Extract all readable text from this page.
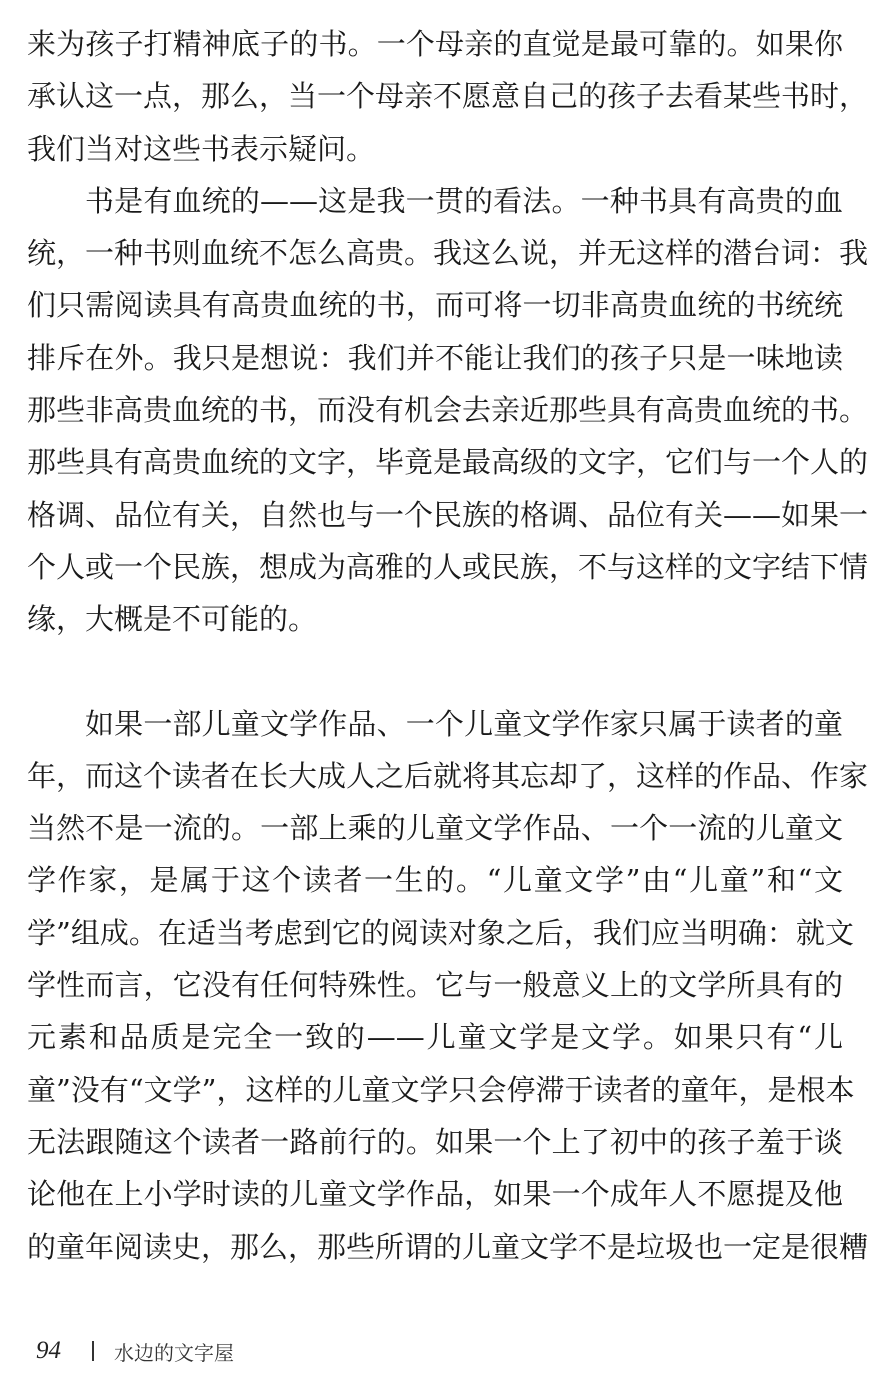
来为孩子打精神底子的书。一个母亲的直觉是最可靠的。如果你
承认这一点，那么，当一个母亲不愿意自己的孩子去看某些书时，
我们当对这些书表示疑问。
书是有血统的——这是我一贯的看法。一种书具有高贵的血
统，一种书则血统不怎么高贵。我这么说，并无这样的潜台词：我
们只需阅读具有高贵血统的书，而可将一切非高贵血统的书统统
排斥在外。我只是想说：我们并不能让我们的孩子只是一味地读
那些非高贵血统的书，而没有机会去亲近那些具有高贵血统的书。
那些具有高贵血统的文字，毕竟是最高级的文字，它们与一个人的
格调、品位有关，自然也与一个民族的格调、品位有关——如果一
个人或一个民族，想成为高雅的人或民族，不与这样的文字结下情
缘，大概是不可能的。
如果一部儿童文学作品、一个儿童文学作家只属于读者的童
年，而这个读者在长大成人之后就将其忘却了，这样的作品、作家
当然不是一流的。一部上乘的儿童文学作品、一个一流的儿童文
学作家，是属于这个读者一生的。“儿童文学”由“儿童”和“文
学”组成。在适当考虑到它的阅读对象之后，我们应当明确：就文
学性而言，它没有任何特殊性。它与一般意义上的文学所具有的
元素和品质是完全一致的——儿童文学是文学。如果只有“儿
童”没有“文学”，这样的儿童文学只会停滞于读者的童年，是根本
无法跟随这个读者一路前行的。如果一个上了初中的孩子羞于谈
论他在上小学时读的儿童文学作品，如果一个成年人不愿提及他
的童年阅读史，那么，那些所谓的儿童文学不是垃圾也一定是很糟
94	水边的文字屋
